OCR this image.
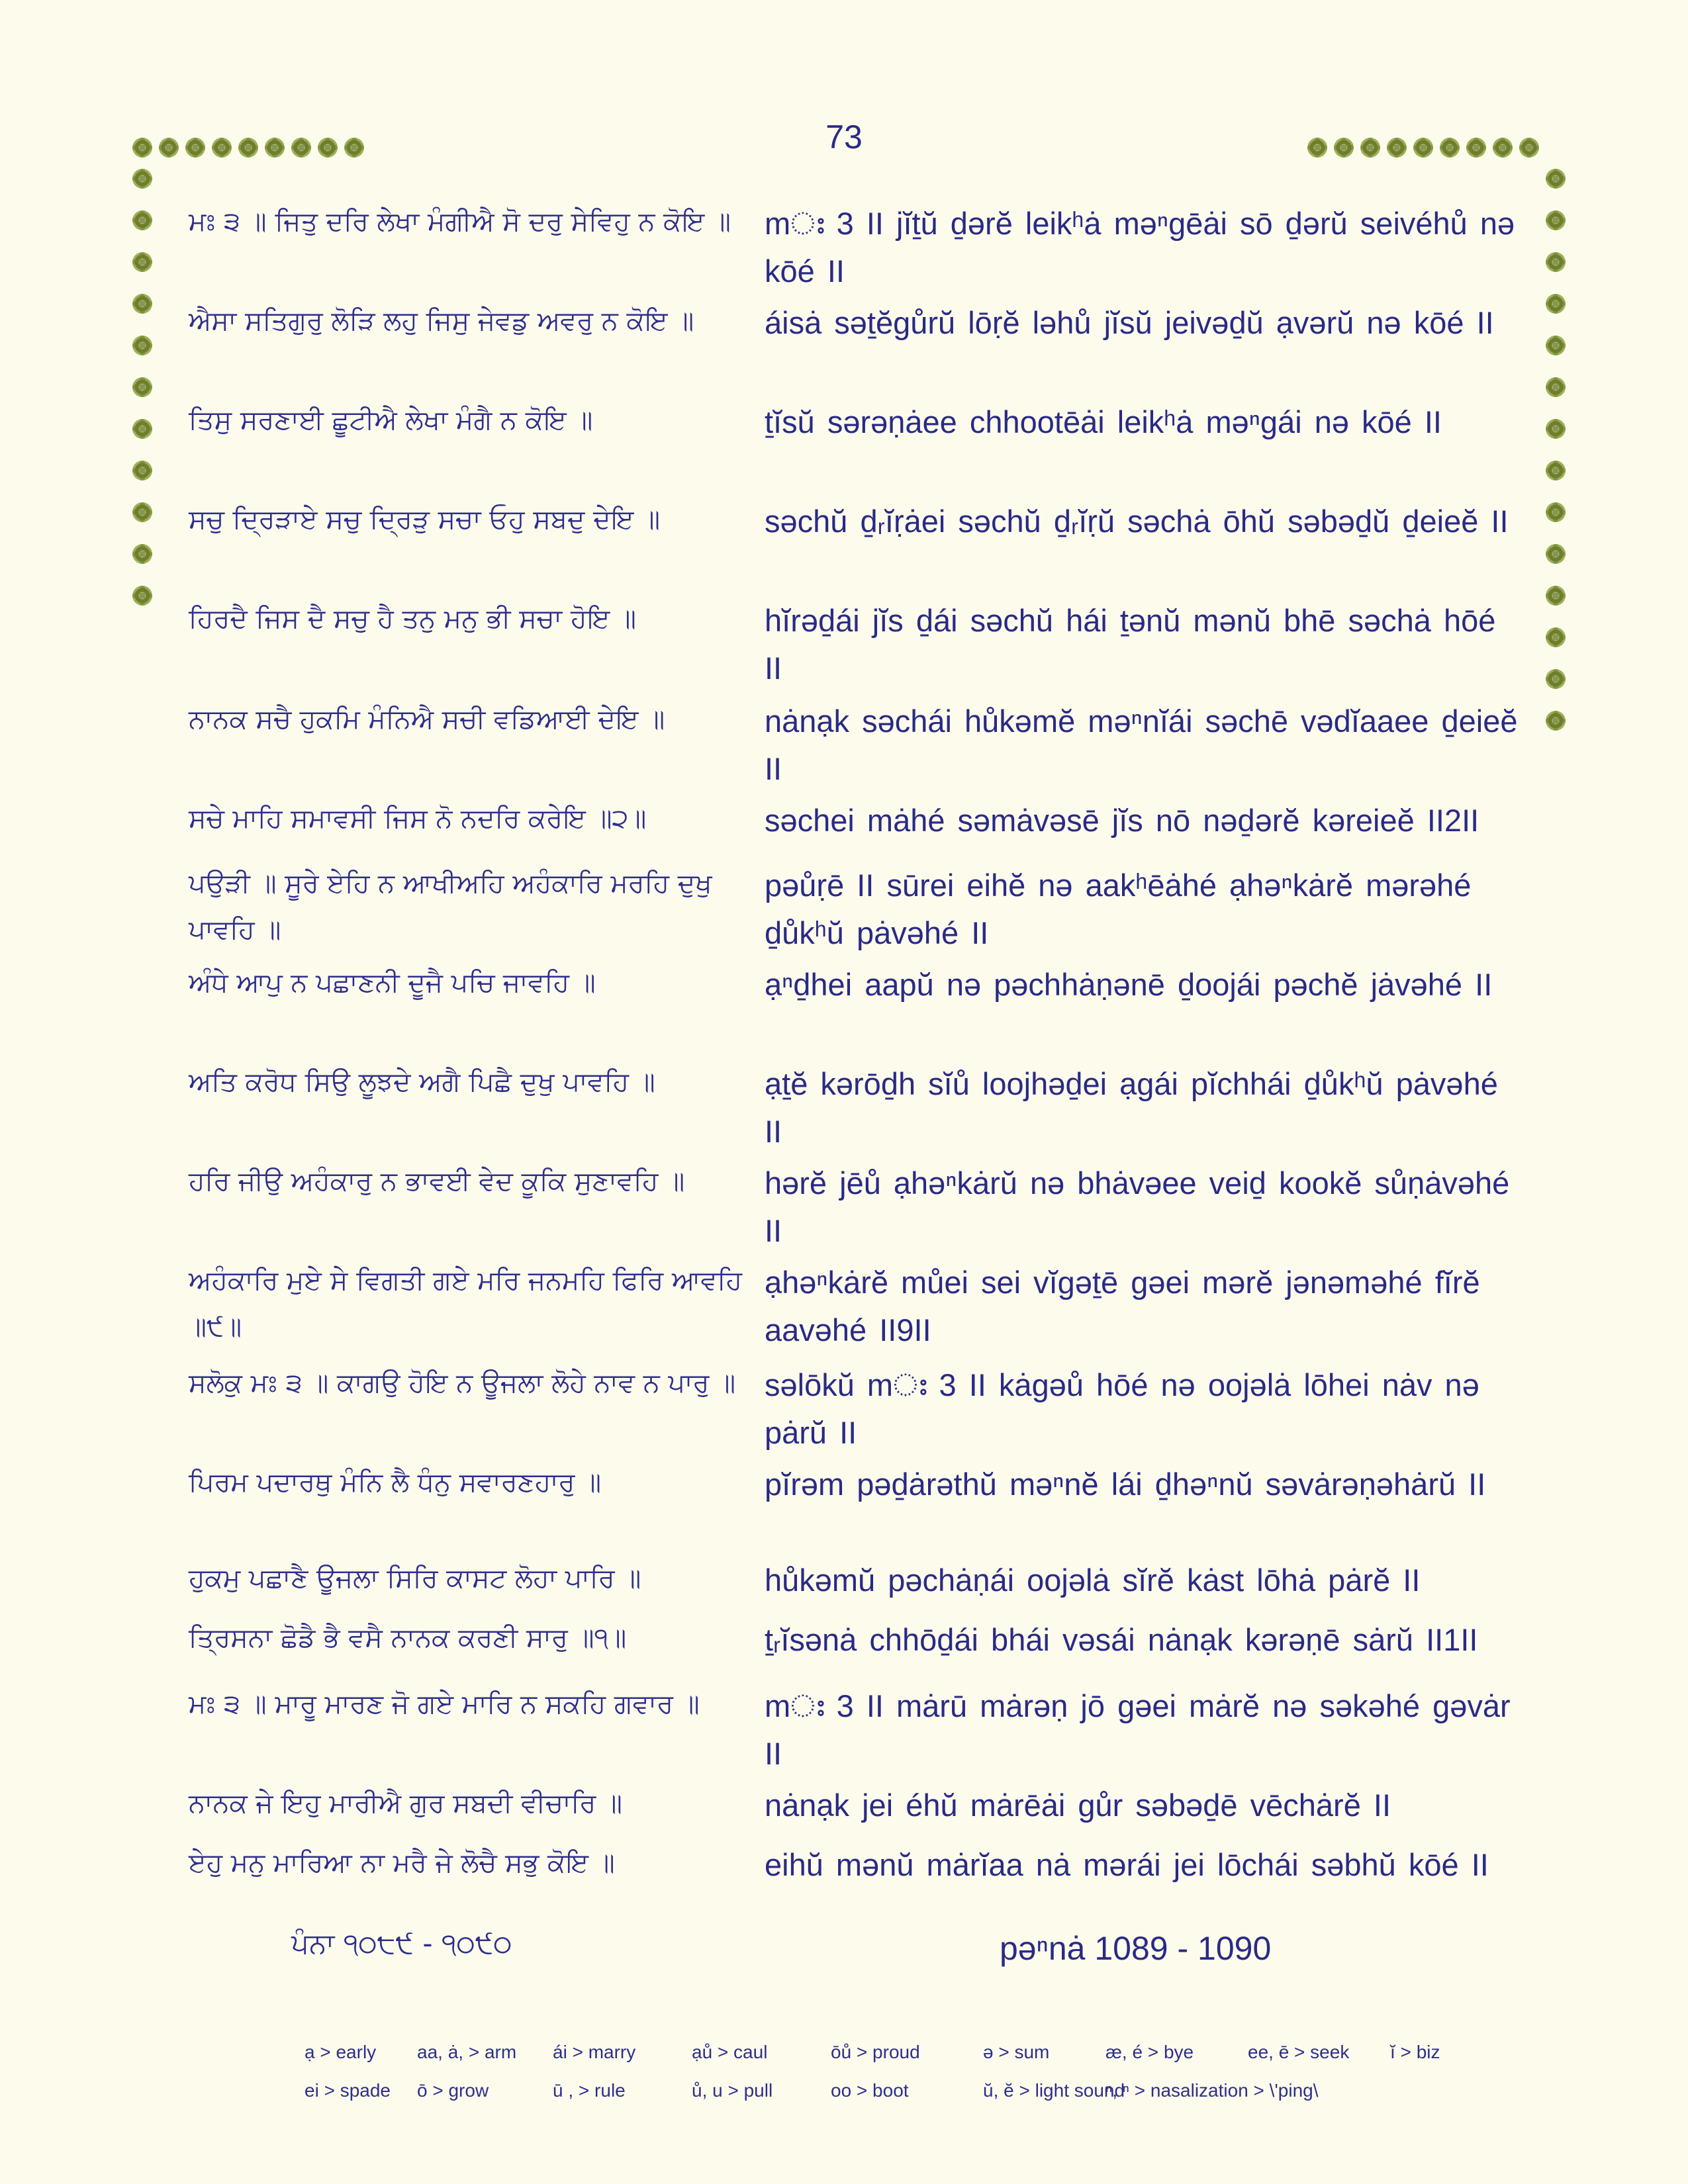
73
ਮਃ ੩ ॥ ਜਿਤੁ ਦਰਿ ਲੇਖਾ ਮੰਗੀਐ ਸੋ ਦਰੁ ਸੇਵਿਹੁ ਨ ਕੋਇ ॥	mഃ 3 II jĭṯŭ ḏərĕ leikʰȧ məⁿgēȧi sō ḏərŭ seivéhů nə kōé II
ਐਸਾ ਸਤਿਗੁਰੁ ਲੋੜਿ ਲਹੁ ਜਿਸੁ ਜੇਵਡੁ ਅਵਰੁ ਨ ਕੋਇ ॥	áisȧ səṯĕgůrŭ lōṛĕ ləhů jĭsŭ jeivəḏŭ ạvərŭ nə kōé II
ਤਿਸੁ ਸਰਣਾਈ ਛੂਟੀਐ ਲੇਖਾ ਮੰਗੈ ਨ ਕੋਇ ॥	ṯĭsŭ sərəṇȧee chhootēȧi leikʰȧ məⁿgái nə kōé II
ਸਚੁ ਦ੍ਰਿੜਾਏ ਸਚੁ ਦ੍ਰਿੜੁ ਸਚਾ ਓਹੁ ਸਬਦੁ ਦੇਇ ॥	səchŭ ḏᵣĭṛȧei səchŭ ḏᵣĭṛŭ səchȧ ōhŭ səbəḏŭ ḏeieĕ II
ਹਿਰਦੈ ਜਿਸ ਦੈ ਸਚੁ ਹੈ ਤਨੁ ਮਨੁ ਭੀ ਸਚਾ ਹੋਇ ॥	hĭrəḏái jĭs ḏái səchŭ hái ṯənŭ mənŭ bhē səchȧ hōé II
ਨਾਨਕ ਸਚੈ ਹੁਕਮਿ ਮੰਨਿਐ ਸਚੀ ਵਡਿਆਈ ਦੇਇ ॥	nȧnạk səchái hůkəmĕ məⁿnĭái səchē vədĭaaee ḏeieĕ II
ਸਚੇ ਮਾਹਿ ਸਮਾਵਸੀ ਜਿਸ ਨੋ ਨਦਰਿ ਕਰੇਇ ॥੨॥	səchei mȧhé səmȧvəsē jĭs nō nəḏərĕ kəreieĕ II2II
ਪਉੜੀ ॥ ਸੂਰੇ ਏਹਿ ਨ ਆਖੀਅਹਿ ਅਹੰਕਾਰਿ ਮਰਹਿ ਦੁਖੁ ਪਾਵਹਿ ॥
pəůṛē II sūrei eihĕ nə aakʰēȧhé ạhəⁿkȧrĕ mərəhé ḏůkʰŭ pȧvəhé II
ਅੰਧੇ ਆਪੁ ਨ ਪਛਾਣਨੀ ਦੂਜੈ ਪਚਿ ਜਾਵਹਿ ॥	ạⁿḏhei aapŭ nə pəchhȧṇənē ḏoojái pəchĕ jȧvəhé II
ਅਤਿ ਕਰੋਧ ਸਿਉ ਲੂਝਦੇ ਅਗੈ ਪਿਛੈ ਦੁਖੁ ਪਾਵਹਿ ॥	ạṯĕ kərōḏh sĭů loojhəḏei ạgái pĭchhái ḏůkʰŭ pȧvəhé II
ਹਰਿ ਜੀਉ ਅਹੰਕਾਰੁ ਨ ਭਾਵਈ ਵੇਦ ਕੂਕਿ ਸੁਣਾਵਹਿ ॥	hərĕ jēů ạhəⁿkȧrŭ nə bhȧvəee veiḏ kookĕ sůṇȧvəhé II
ਅਹੰਕਾਰਿ ਮੁਏ ਸੇ ਵਿਗਤੀ ਗਏ ਮਰਿ ਜਨਮਹਿ ਫਿਰਿ ਆਵਹਿ ॥੯॥
ạhəⁿkȧrĕ můei sei vĭgəṯē gəei mərĕ jənəməhé fĭrĕ aavəhé II9II
ਸਲੋਕੁ ਮਃ ੩ ॥ ਕਾਗਉ ਹੋਇ ਨ ਊਜਲਾ ਲੋਹੇ ਨਾਵ ਨ ਪਾਰੁ ॥ səlōkŭ mഃ 3 II kȧgəů hōé nə oojəlȧ lōhei nȧv nə pȧrŭ II
ਪਿਰਮ ਪਦਾਰਥੁ ਮੰਨਿ ਲੈ ਧੰਨੁ ਸਵਾਰਣਹਾਰੁ ॥	pĭrəm pəḏȧrəthŭ məⁿnĕ lái ḏhəⁿnŭ səvȧrəṇəhȧrŭ II
ਹੁਕਮੁ ਪਛਾਣੈ ਊਜਲਾ ਸਿਰਿ ਕਾਸਟ ਲੋਹਾ ਪਾਰਿ ॥	hůkəmŭ pəchȧṇái oojəlȧ sĭrĕ kȧst lōhȧ pȧrĕ II
ਤ੍ਰਿਸਨਾ ਛੋਡੈ ਭੈ ਵਸੈ ਨਾਨਕ ਕਰਣੀ ਸਾਰੁ ॥੧॥	ṯᵣĭsənȧ chhōḏái bhái vəsái nȧnạk kərəṇē sȧrŭ II1II
ਮਃ ੩ ॥ ਮਾਰੂ ਮਾਰਣ ਜੋ ਗਏ ਮਾਰਿ ਨ ਸਕਹਿ ਗਵਾਰ ॥	mഃ 3 II mȧrū mȧrəṇ jō gəei mȧrĕ nə səkəhé gəvȧr II
ਨਾਨਕ ਜੇ ਇਹੁ ਮਾਰੀਐ ਗੁਰ ਸਬਦੀ ਵੀਚਾਰਿ ॥	nȧnạk jei éhŭ mȧrēȧi gůr səbəḏē vēchȧrĕ II
ਏਹੁ ਮਨੁ ਮਾਰਿਆ ਨਾ ਮਰੈ ਜੇ ਲੋਚੈ ਸਭੁ ਕੋਇ ॥	eihŭ mənŭ mȧrĭaa nȧ mərái jei lōchái səbhŭ kōé II
ਪੰਨਾ ੧੦੮੯ - ੧੦੯੦	pəⁿnȧ 1089 - 1090
ạ > early aa, ȧ, > arm ái > marry	ạů > caul	ōů > proud	ə > sum	æ, é > bye	ee, ē > seek ĭ > biz
ei > spade ō > grow	ū , > rule	ů, u > pull	oo > boot	ŭ, ĕ > light sound
ⁿ, ⁿ > nasalization > \'ping\
